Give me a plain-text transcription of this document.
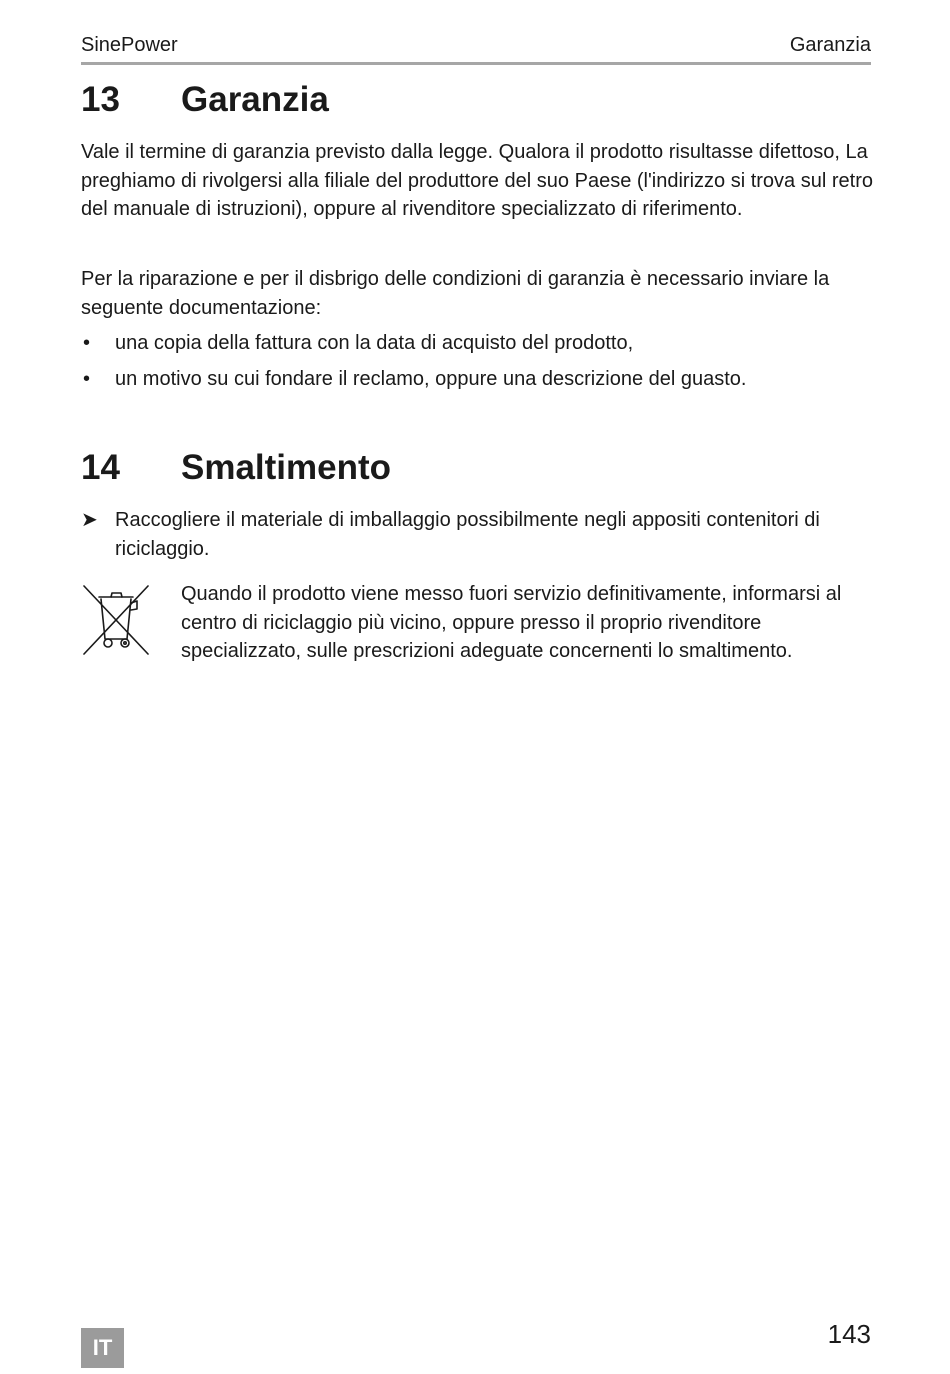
SinePower	Garanzia
13 Garanzia

Vale il termine di garanzia previsto dalla legge. Qualora il prodotto risultasse difettoso, La preghiamo di rivolgersi alla filiale del produttore del suo Paese (l'indirizzo si trova sul retro del manuale di istruzioni), oppure al rivenditore specializzato di riferimento.

Per la riparazione e per il disbrigo delle condizioni di garanzia è necessario inviare la seguente documentazione:

• una copia della fattura con la data di acquisto del prodotto,
• un motivo su cui fondare il reclamo, oppure una descrizione del guasto.
14 Smaltimento
➤ Raccogliere il materiale di imballaggio possibilmente negli appositi contenitori di riciclaggio.

Quando il prodotto viene messo fuori servizio definitivamente, informarsi al centro di riciclaggio più vicino, oppure presso il proprio rivenditore specializzato, sulle prescrizioni adeguate concernenti lo smaltimento.

IT	143
